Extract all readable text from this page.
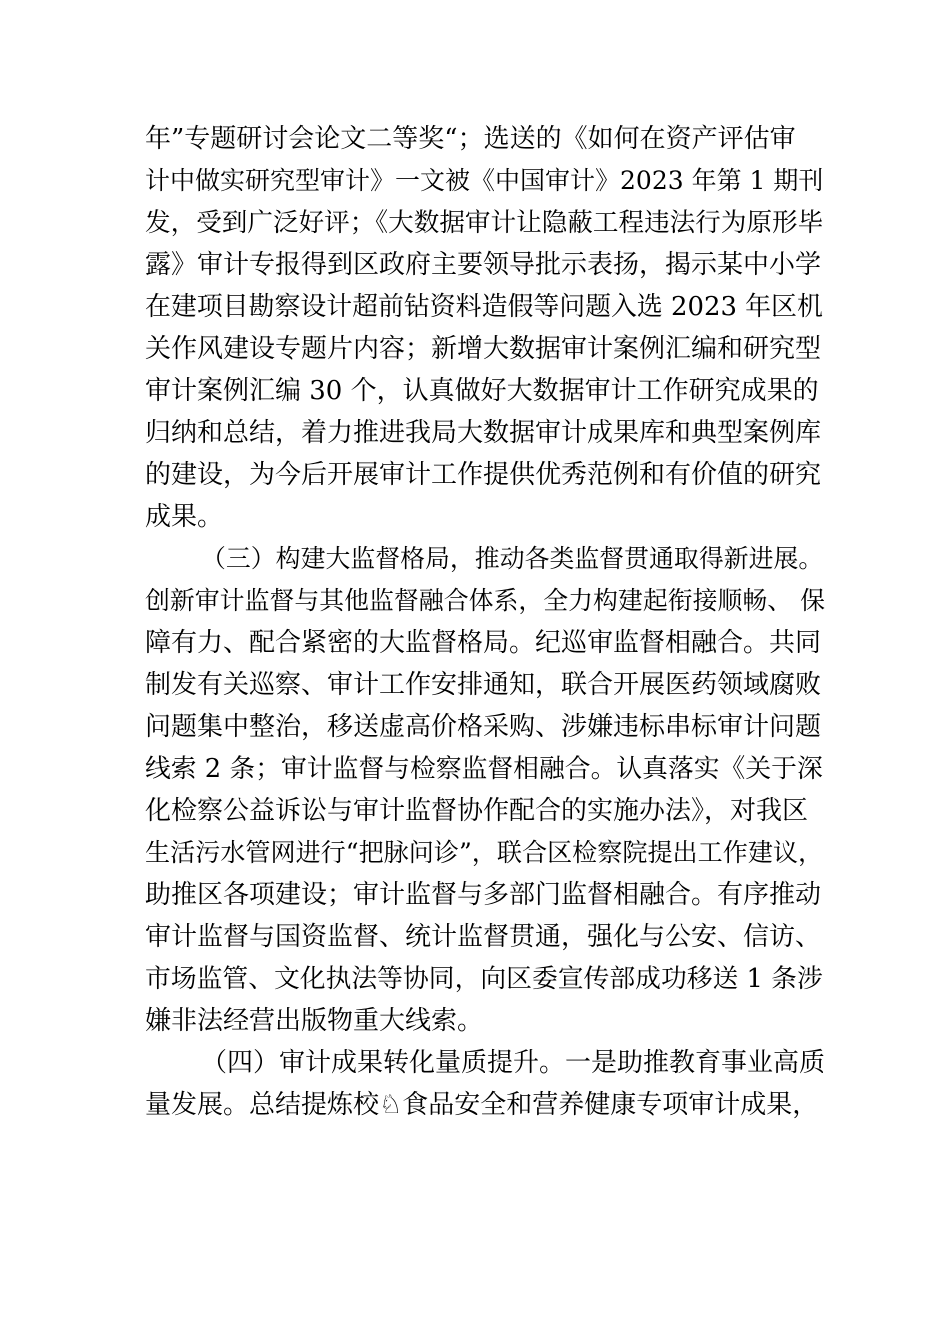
年”专题研讨会论文二等奖“；选送的《如何在资产评估审
计中做实研究型审计》一文被《中国审计》2023 年第 1 期刊
发，受到广泛好评；《大数据审计让隐蔽工程违法行为原形毕
露》审计专报得到区政府主要领导批示表扬，揭示某中小学
在建项目勘察设计超前钻资料造假等问题入选 2023 年区机
关作风建设专题片内容；新增大数据审计案例汇编和研究型
审计案例汇编 30 个，认真做好大数据审计工作研究成果的
归纳和总结，着力推进我局大数据审计成果库和典型案例库
的建设，为今后开展审计工作提供优秀范例和有价值的研究
成果。
（三）构建大监督格局，推动各类监督贯通取得新进展。
创新审计监督与其他监督融合体系，全力构建起衔接顺畅、 保
障有力、配合紧密的大监督格局。纪巡审监督相融合。共同
制发有关巡察、审计工作安排通知，联合开展医药领域腐败
问题集中整治，移送虚高价格采购、涉嫌违标串标审计问题
线索 2 条；审计监督与检察监督相融合。认真落实《关于深
化检察公益诉讼与审计监督协作配合的实施办法》，对我区
生活污水管网进行“把脉问诊”，联合区检察院提出工作建议，
助推区各项建设；审计监督与多部门监督相融合。有序推动
审计监督与国资监督、统计监督贯通，强化与公安、信访、
市场监管、文化执法等协同，向区委宣传部成功移送 1 条涉
嫌非法经营出版物重大线索。
（四）审计成果转化量质提升。一是助推教育事业高质
量发展。总结提炼校♘食品安全和营养健康专项审计成果，
